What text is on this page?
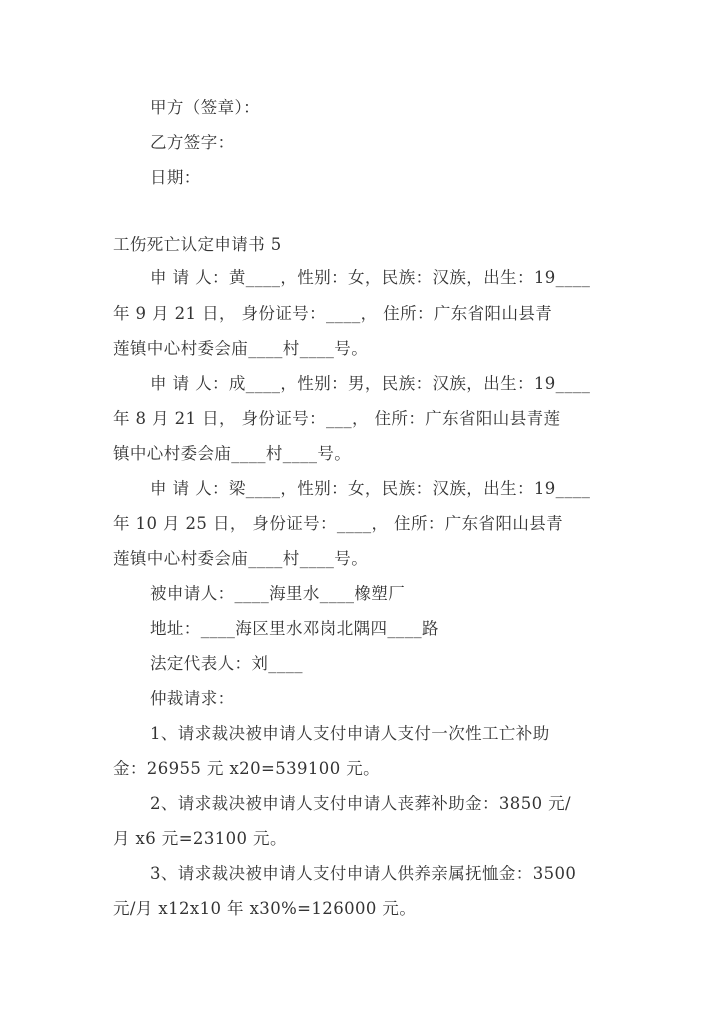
甲方（签章）：
乙方签字：
日期：
工伤死亡认定申请书 5
申 请 人：黄____，性别：女，民族：汉族，出生：19____
年 9 月 21 日， 身份证号：____， 住所：广东省阳山县青
莲镇中心村委会庙____村____号。
申 请 人：成____，性别：男，民族：汉族，出生：19____
年 8 月 21 日， 身份证号：___， 住所：广东省阳山县青莲
镇中心村委会庙____村____号。
申 请 人：梁____，性别：女，民族：汉族，出生：19____
年 10 月 25 日， 身份证号：____， 住所：广东省阳山县青
莲镇中心村委会庙____村____号。
被申请人：____海里水____橡塑厂
地址：____海区里水邓岗北隅四____路
法定代表人：刘____
仲裁请求：
1、请求裁决被申请人支付申请人支付一次性工亡补助
金：26955 元 x20=539100 元。
2、请求裁决被申请人支付申请人丧葬补助金：3850 元/
月 x6 元=23100 元。
3、请求裁决被申请人支付申请人供养亲属抚恤金：3500
元/月 x12x10 年 x30%=126000 元。
